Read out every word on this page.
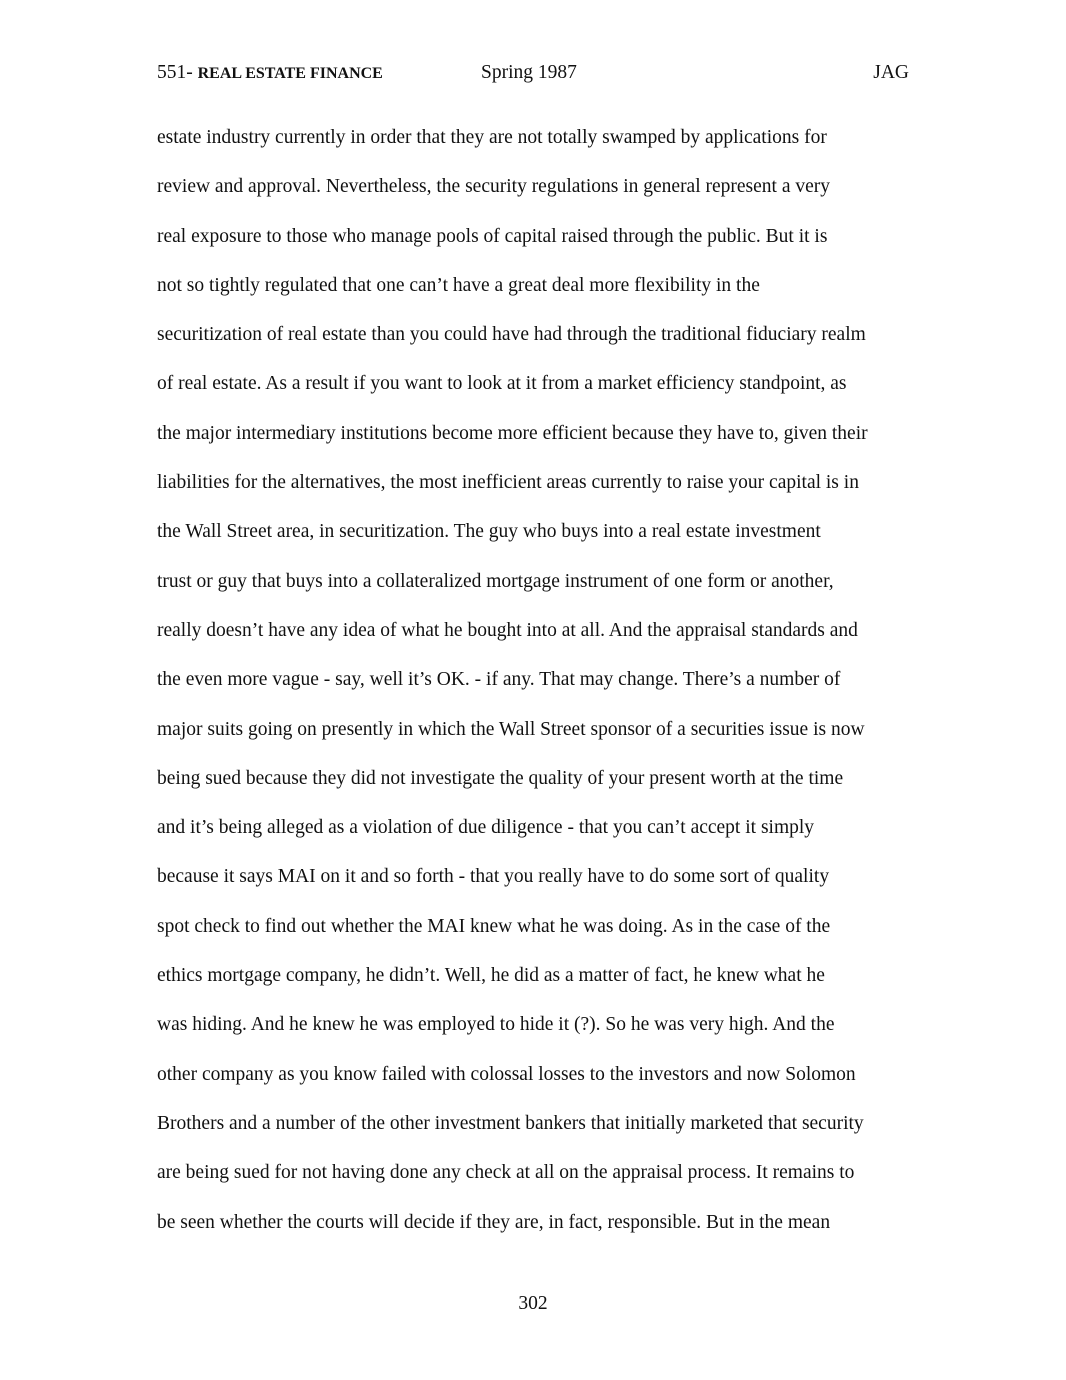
551- REAL ESTATE FINANCE	Spring 1987	JAG
estate industry currently in order that they are not totally swamped by applications for
review and approval. Nevertheless, the security regulations in general represent a very
real exposure to those who manage pools of capital raised through the public. But it is
not so tightly regulated that one can’t have a great deal more flexibility in the
securitization of real estate than you could have had through the traditional fiduciary realm
of real estate. As a result if you want to look at it from a market efficiency standpoint, as
the major intermediary institutions become more efficient because they have to, given their
liabilities for the alternatives, the most inefficient areas currently to raise your capital is in
the Wall Street area, in securitization. The guy who buys into a real estate investment
trust or guy that buys into a collateralized mortgage instrument of one form or another,
really doesn’t have any idea of what he bought into at all. And the appraisal standards and
the even more vague - say, well it’s OK. - if any. That may change. There’s a number of
major suits going on presently in which the Wall Street sponsor of a securities issue is now
being sued because they did not investigate the quality of your present worth at the time
and it’s being alleged as a violation of due diligence - that you can’t accept it simply
because it says MAI on it and so forth - that you really have to do some sort of quality
spot check to find out whether the MAI knew what he was doing. As in the case of the
ethics mortgage company, he didn’t. Well, he did as a matter of fact, he knew what he
was hiding. And he knew he was employed to hide it (?). So he was very high. And the
other company as you know failed with colossal losses to the investors and now Solomon
Brothers and a number of the other investment bankers that initially marketed that security
are being sued for not having done any check at all on the appraisal process. It remains to
be seen whether the courts will decide if they are, in fact, responsible. But in the mean
302
